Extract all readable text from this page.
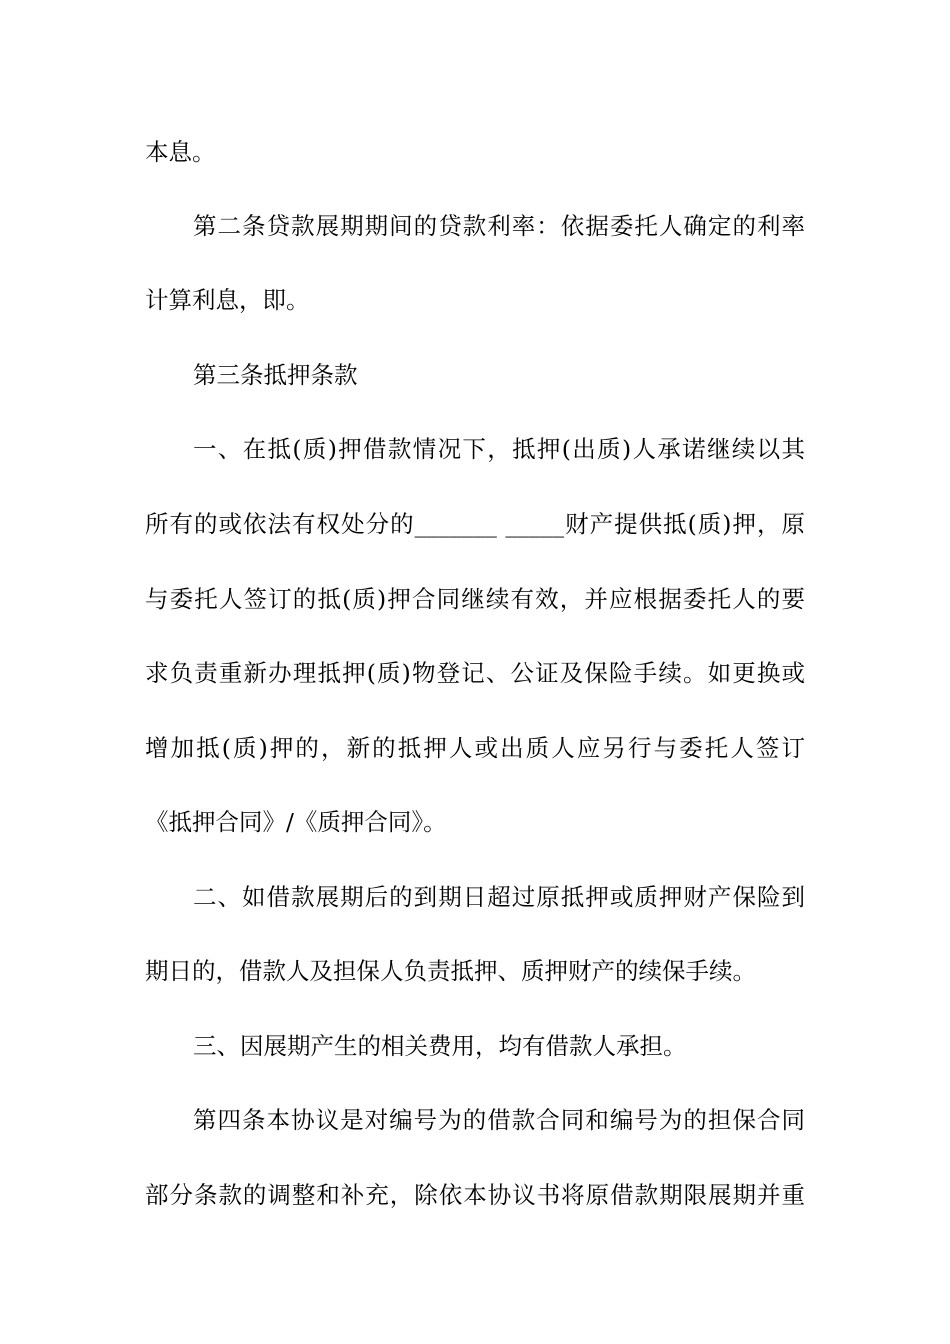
本息。
第二条贷款展期期间的贷款利率：依据委托人确定的利率
计算利息，即。
第三条抵押条款
一、在抵(质)押借款情况下，抵押(出质)人承诺继续以其
所有的或依法有权处分的_______ _____财产提供抵(质)押，原
与委托人签订的抵(质)押合同继续有效，并应根据委托人的要
求负责重新办理抵押(质)物登记、公证及保险手续。如更换或
增加抵(质)押的，新的抵押人或出质人应另行与委托人签订
《抵押合同》/《质押合同》。
二、如借款展期后的到期日超过原抵押或质押财产保险到
期日的，借款人及担保人负责抵押、质押财产的续保手续。
三、因展期产生的相关费用，均有借款人承担。
第四条本协议是对编号为的借款合同和编号为的担保合同
部分条款的调整和补充，除依本协议书将原借款期限展期并重
